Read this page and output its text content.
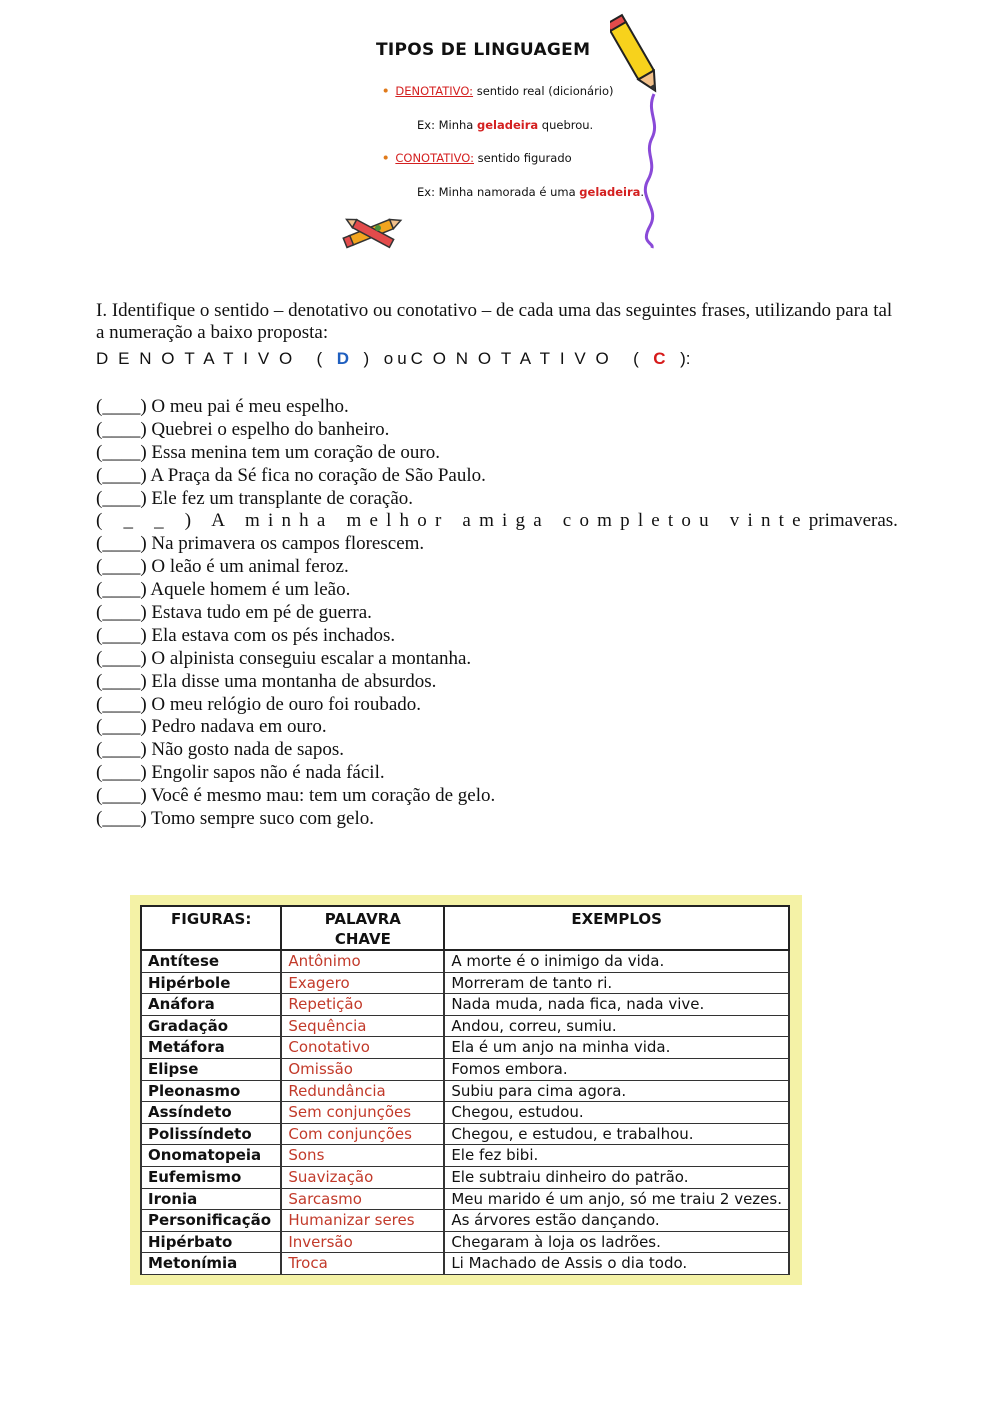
TIPOS DE LINGUAGEM
• DENOTATIVO: sentido real (dicionário)
Ex: Minha geladeira quebrou.
• CONOTATIVO: sentido figurado
Ex: Minha namorada é uma geladeira.
I. Identifique o sentido – denotativo ou conotativo – de cada uma das seguintes frases, utilizando para tal a numeração a baixo proposta:
DENOTATIVO ( D ) ouCONOTATIVO ( C ):
(____) O meu pai é meu espelho.
(____) Quebrei o espelho do banheiro.
(____) Essa menina tem um coração de ouro.
(____) A Praça da Sé fica no coração de São Paulo.
(____) Ele fez um transplante de coração.
( _ _ ) A minha melhor amiga completou vinteprimaveras.
(____) Na primavera os campos florescem.
(____) O leão é um animal feroz.
(____) Aquele homem é um leão.
(____) Estava tudo em pé de guerra.
(____) Ela estava com os pés inchados.
(____) O alpinista conseguiu escalar a montanha.
(____) Ela disse uma montanha de absurdos.
(____) O meu relógio de ouro foi roubado.
(____) Pedro nadava em ouro.
(____) Não gosto nada de sapos.
(____) Engolir sapos não é nada fácil.
(____) Você é mesmo mau: tem um coração de gelo.
(____) Tomo sempre suco com gelo.
FIGURAS:	PALAVRA CHAVE	EXEMPLOS
Antítese	Antônimo	A morte é o inimigo da vida.
Hipérbole	Exagero	Morreram de tanto ri.
Anáfora	Repetição	Nada muda, nada fica, nada vive.
Gradação	Sequência	Andou, correu, sumiu.
Metáfora	Conotativo	Ela é um anjo na minha vida.
Elipse	Omissão	Fomos embora.
Pleonasmo	Redundância	Subiu para cima agora.
Assíndeto	Sem conjunções	Chegou, estudou.
Polissíndeto	Com conjunções	Chegou, e estudou, e trabalhou.
Onomatopeia	Sons	Ele fez bibi.
Eufemismo	Suavização	Ele subtraiu dinheiro do patrão.
Ironia	Sarcasmo	Meu marido é um anjo, só me traiu 2 vezes.
Personificação	Humanizar seres	As árvores estão dançando.
Hipérbato	Inversão	Chegaram à loja os ladrões.
Metonímia	Troca	Li Machado de Assis o dia todo.
